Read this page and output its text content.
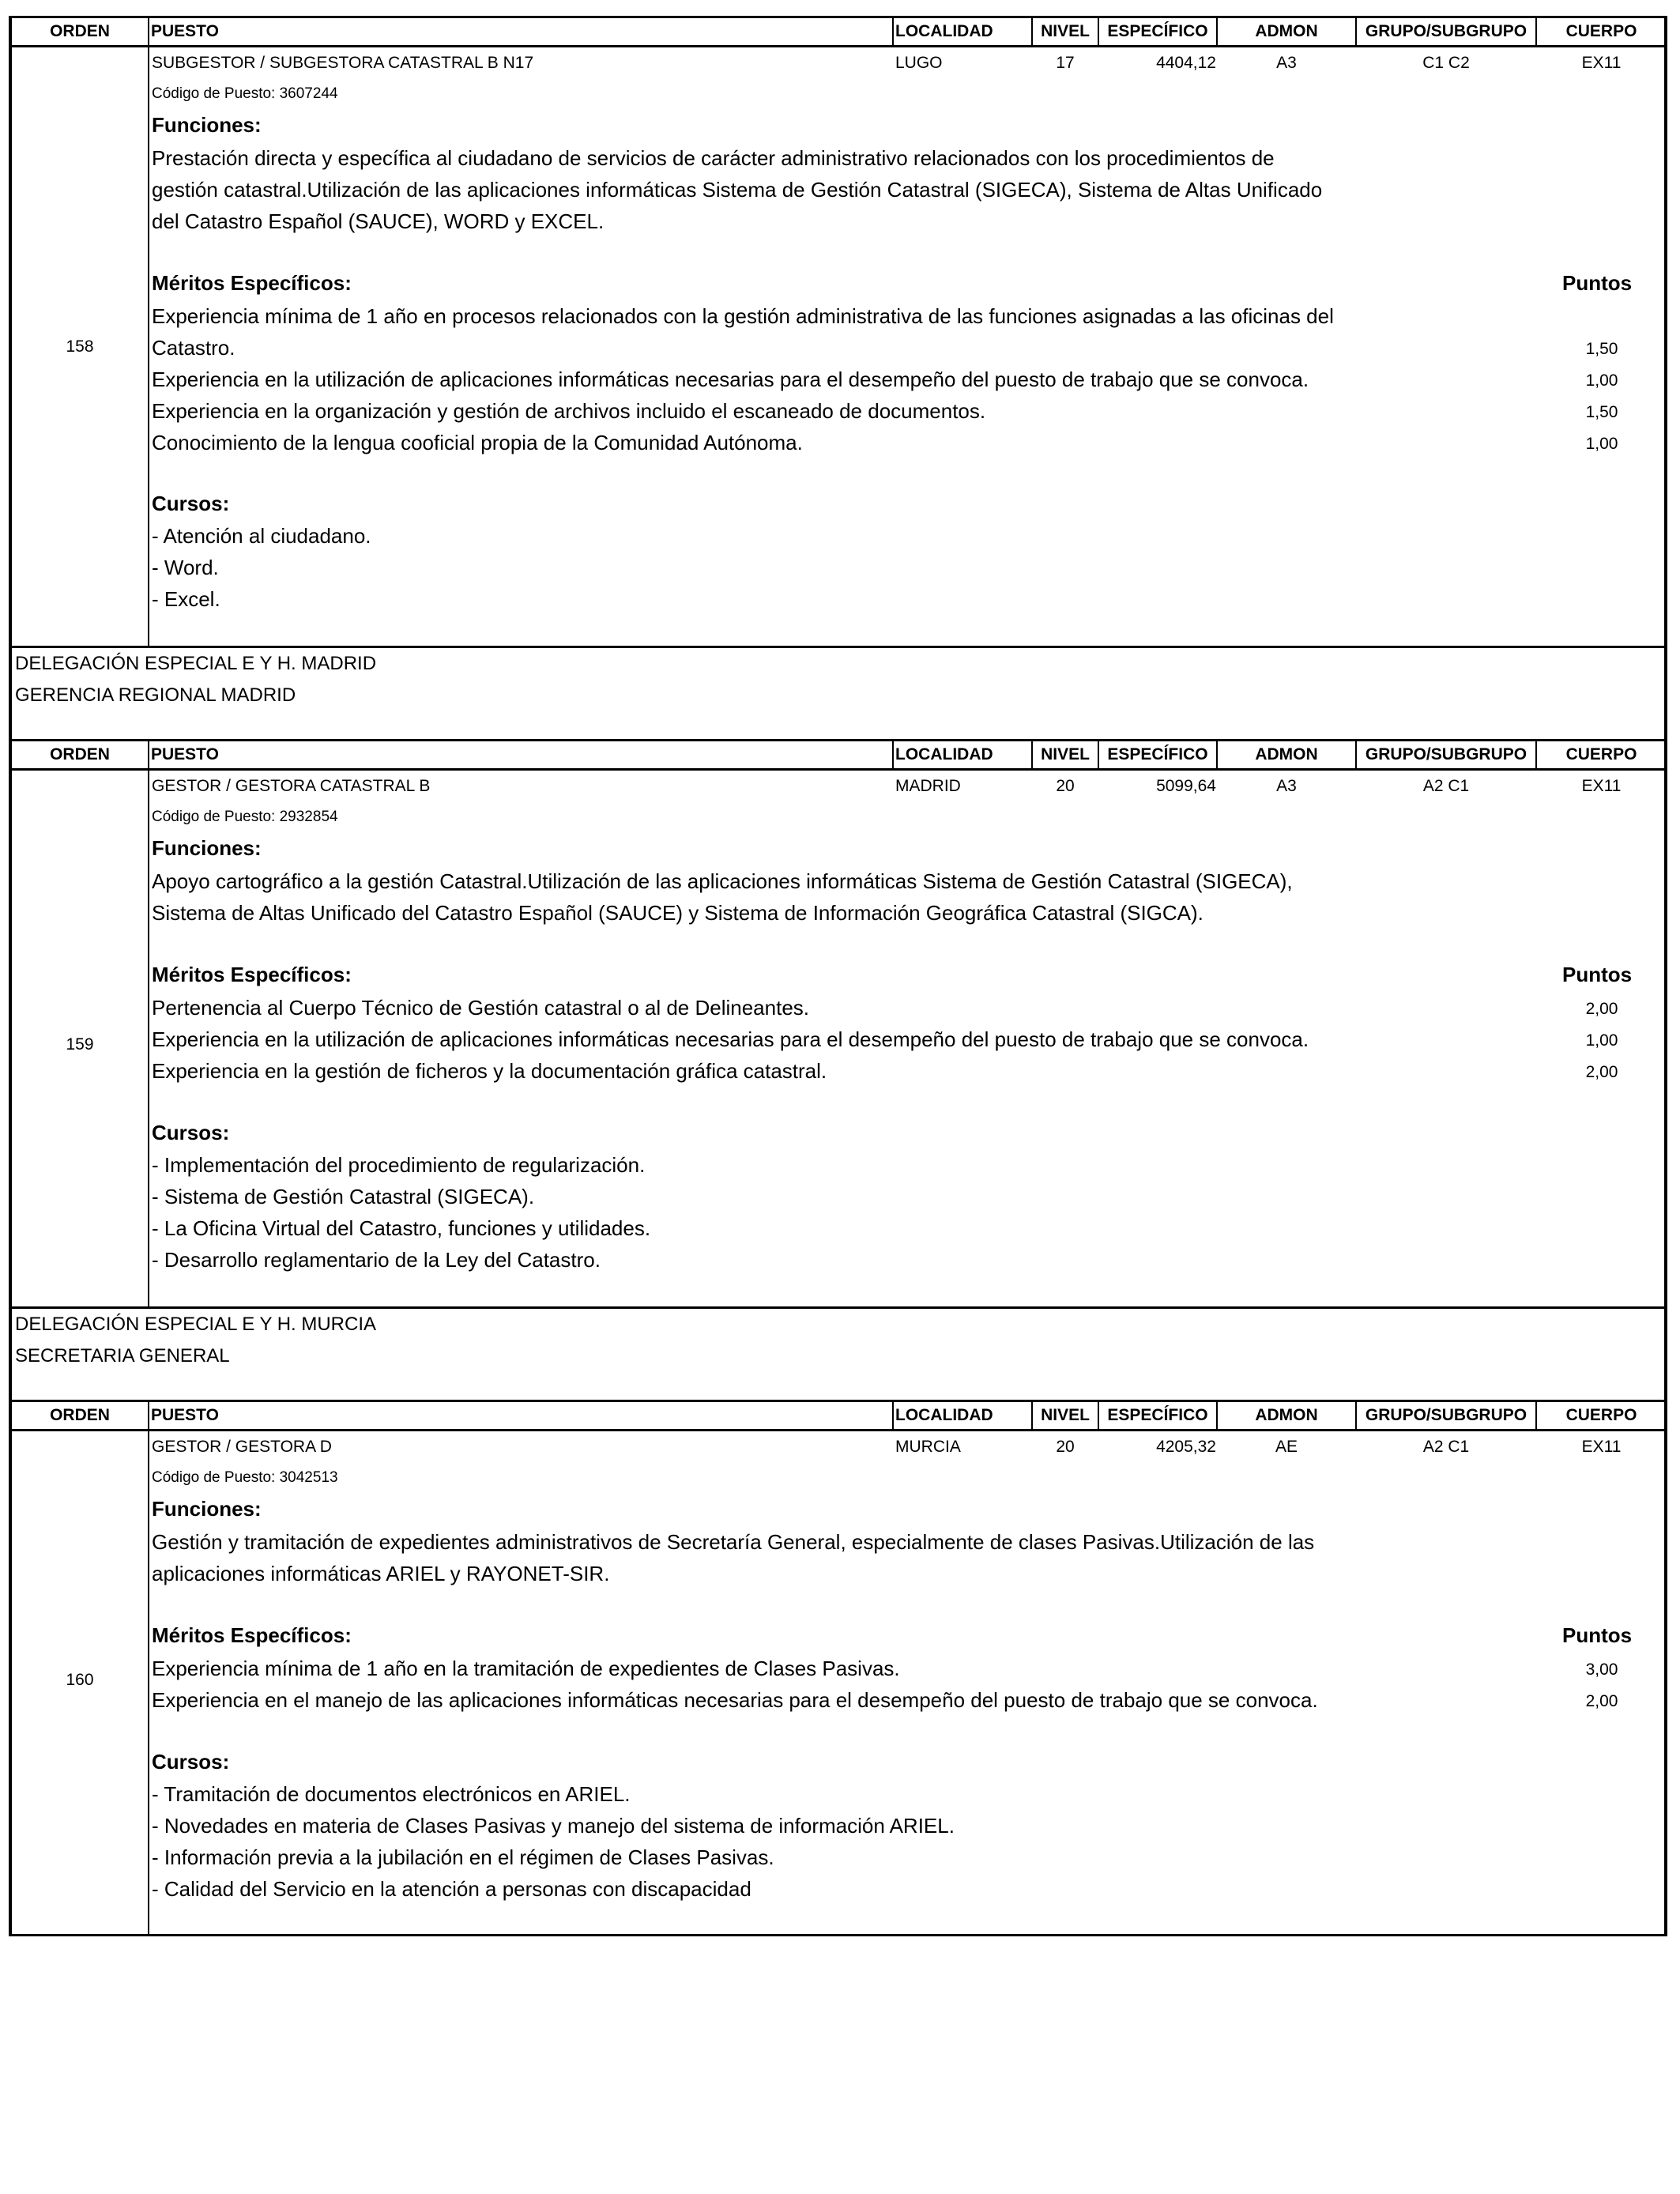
ORDEN	PUESTO	LOCALIDAD	NIVEL	ESPECÍFICO	ADMON	GRUPO/SUBGRUPO	CUERPO
158
SUBGESTOR / SUBGESTORA CATASTRAL B N17	LUGO	17	4404,12	A3	C1 C2	EX11
Código de Puesto: 3607244
Funciones:
Prestación directa y específica al ciudadano de servicios de carácter administrativo relacionados con los procedimientos de
gestión catastral.Utilización de las aplicaciones informáticas Sistema de Gestión Catastral (SIGECA), Sistema de Altas Unificado
del Catastro Español (SAUCE), WORD y EXCEL.
Méritos Específicos:	Puntos
Experiencia mínima de 1 año en procesos relacionados con la gestión administrativa de las funciones asignadas a las oficinas del
Catastro.	1,50
Experiencia en la utilización de aplicaciones informáticas necesarias para el desempeño del puesto de trabajo que se convoca.	1,00
Experiencia en la organización y gestión de archivos incluido el escaneado de documentos.	1,50
Conocimiento de la lengua cooficial propia de la Comunidad Autónoma.	1,00
Cursos:
- Atención al ciudadano.
- Word.
- Excel.
DELEGACIÓN ESPECIAL E Y H. MADRID
GERENCIA REGIONAL MADRID
ORDEN	PUESTO	LOCALIDAD	NIVEL	ESPECÍFICO	ADMON	GRUPO/SUBGRUPO	CUERPO
159
GESTOR / GESTORA CATASTRAL B	MADRID	20	5099,64	A3	A2 C1	EX11
Código de Puesto: 2932854
Funciones:
Apoyo cartográfico a la gestión Catastral.Utilización de las aplicaciones informáticas Sistema de Gestión Catastral (SIGECA),
Sistema de Altas Unificado del Catastro Español (SAUCE) y Sistema de Información Geográfica Catastral (SIGCA).
Méritos Específicos:	Puntos
Pertenencia al Cuerpo Técnico de Gestión catastral o al de Delineantes.	2,00
Experiencia en la utilización de aplicaciones informáticas necesarias para el desempeño del puesto de trabajo que se convoca.	1,00
Experiencia en la gestión de ficheros y la documentación gráfica catastral.	2,00
Cursos:
- Implementación del procedimiento de regularización.
- Sistema de Gestión Catastral (SIGECA).
- La Oficina Virtual del Catastro, funciones y utilidades.
- Desarrollo reglamentario de la Ley del Catastro.
DELEGACIÓN ESPECIAL E Y H. MURCIA
SECRETARIA GENERAL
ORDEN	PUESTO	LOCALIDAD	NIVEL	ESPECÍFICO	ADMON	GRUPO/SUBGRUPO	CUERPO
160
GESTOR / GESTORA D	MURCIA	20	4205,32	AE	A2 C1	EX11
Código de Puesto: 3042513
Funciones:
Gestión y tramitación de expedientes administrativos de Secretaría General, especialmente de clases Pasivas.Utilización de las
aplicaciones informáticas ARIEL y RAYONET-SIR.
Méritos Específicos:	Puntos
Experiencia mínima de 1 año en la tramitación de expedientes de Clases Pasivas.	3,00
Experiencia en el manejo de las aplicaciones informáticas necesarias para el desempeño del puesto de trabajo que se convoca.	2,00
Cursos:
- Tramitación de documentos electrónicos en ARIEL.
- Novedades en materia de Clases Pasivas y manejo del sistema de información ARIEL.
- Información previa a la jubilación en el régimen de Clases Pasivas.
- Calidad del Servicio en la atención a personas con discapacidad
